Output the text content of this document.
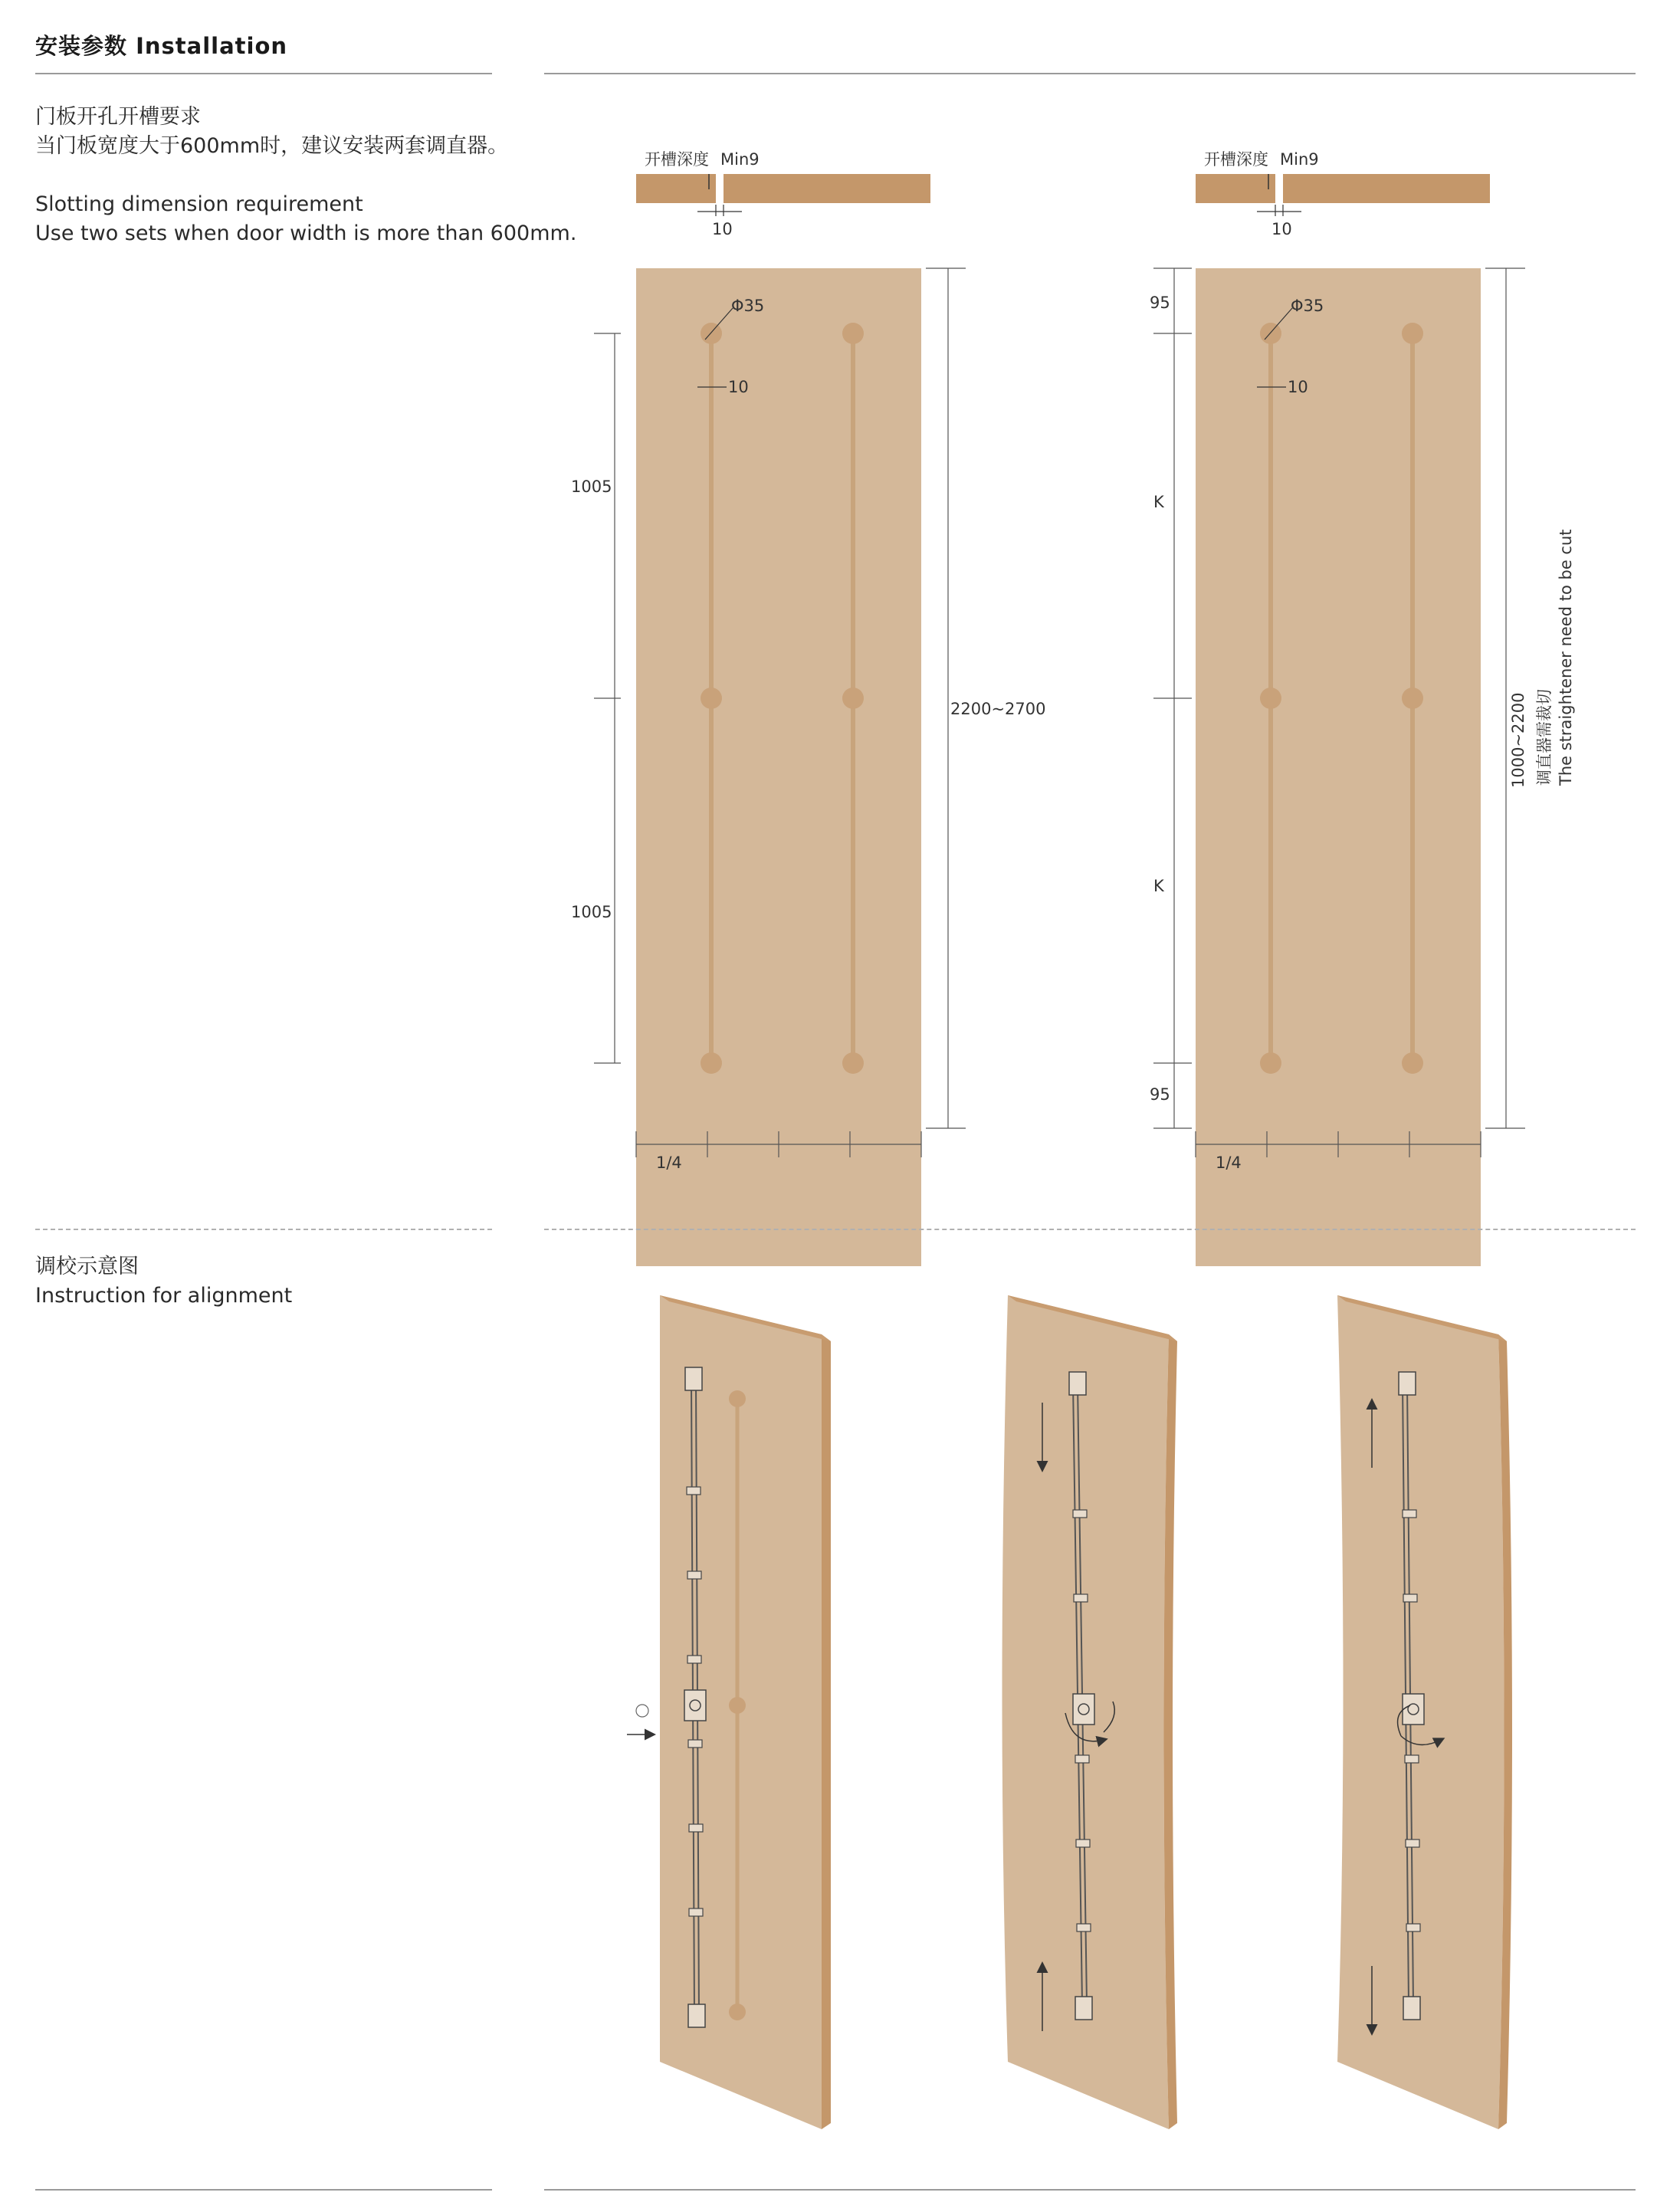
安装参数 Installation
门板开孔开槽要求
当门板宽度大于600mm时，建议安装两套调直器。
Slotting dimension requirement
Use two sets when door width is more than 600mm.
开槽深度 Min9
10
Φ35
10
1005
1005
2200~2700
1/4
开槽深度 Min9
10
Φ35
10
95
K
K
95
1000~2200 调直器需裁切 The straightener need to be cut
1/4
调校示意图
Instruction for alignment
